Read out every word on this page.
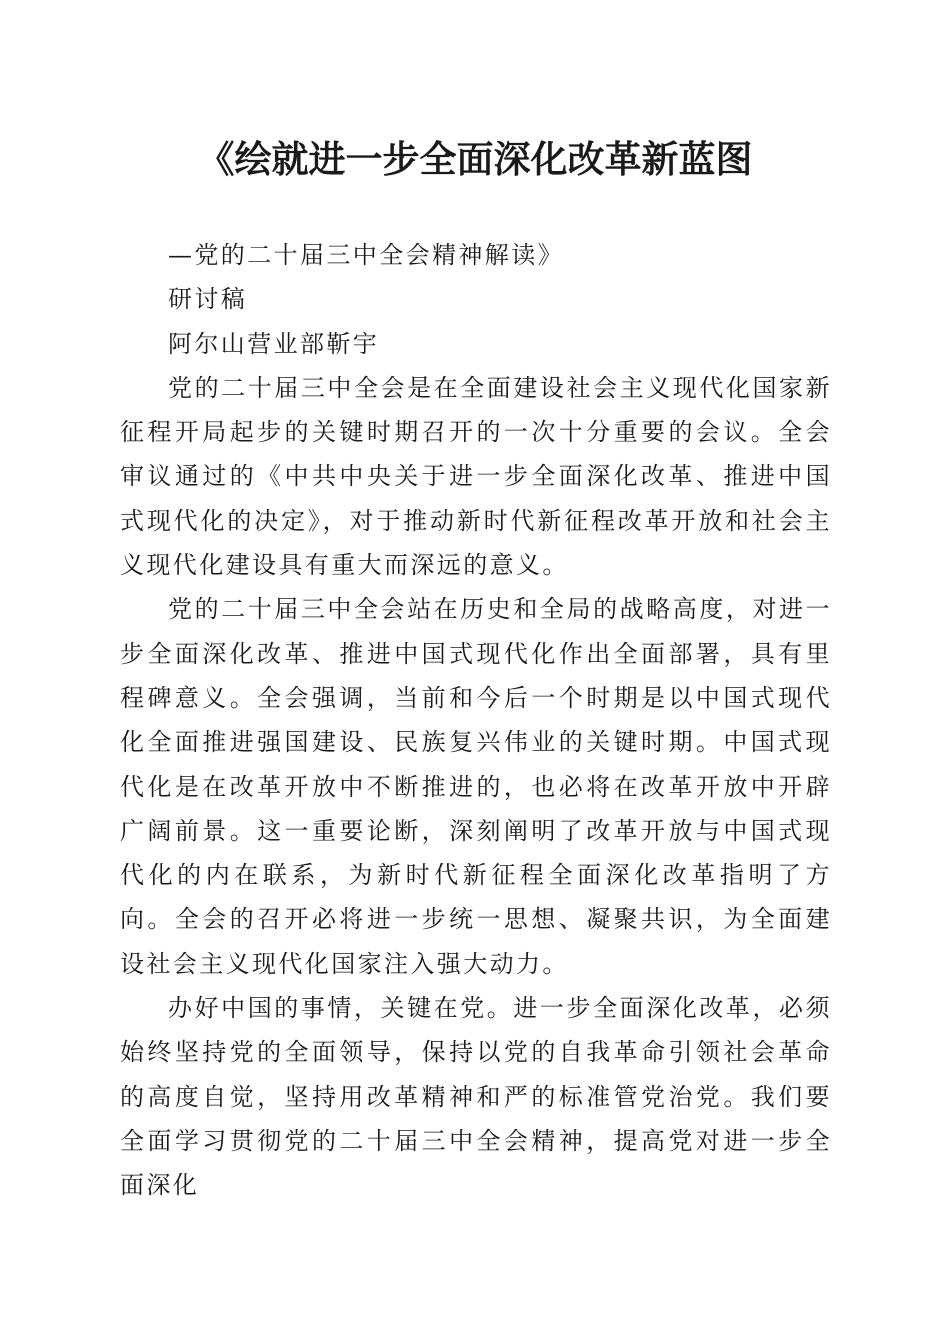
《绘就进一步全面深化改革新蓝图

—党的二十届三中全会精神解读》

研讨稿

阿尔山营业部靳宇

党的二十届三中全会是在全面建设社会主义现代化国家新征程开局起步的关键时期召开的一次十分重要的会议。全会审议通过的《中共中央关于进一步全面深化改革、推进中国式现代化的决定》，对于推动新时代新征程改革开放和社会主义现代化建设具有重大而深远的意义。

党的二十届三中全会站在历史和全局的战略高度，对进一步全面深化改革、推进中国式现代化作出全面部署，具有里程碑意义。全会强调，当前和今后一个时期是以中国式现代化全面推进强国建设、民族复兴伟业的关键时期。中国式现代化是在改革开放中不断推进的，也必将在改革开放中开辟广阔前景。这一重要论断，深刻阐明了改革开放与中国式现代化的内在联系，为新时代新征程全面深化改革指明了方向。全会的召开必将进一步统一思想、凝聚共识，为全面建设社会主义现代化国家注入强大动力。

办好中国的事情，关键在党。进一步全面深化改革，必须始终坚持党的全面领导，保持以党的自我革命引领社会革命的高度自觉，坚持用改革精神和严的标准管党治党。我们要全面学习贯彻党的二十届三中全会精神，提高党对进一步全面深化
